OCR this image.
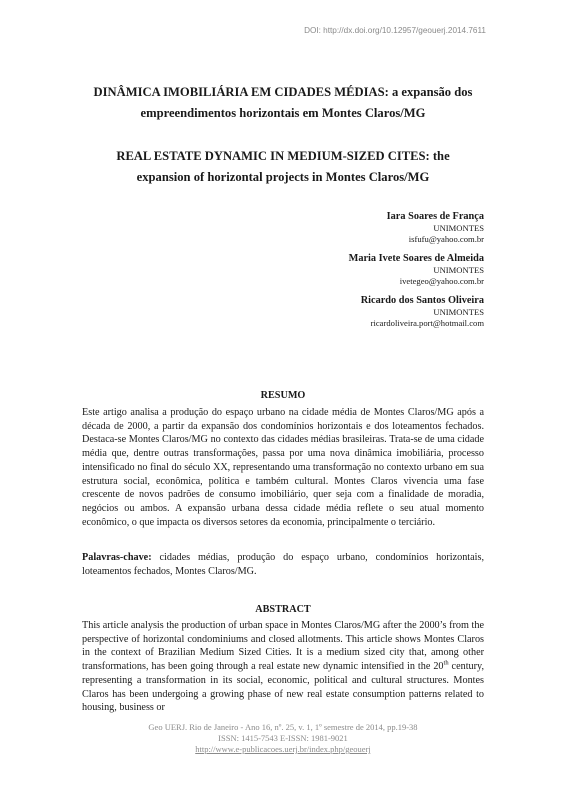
DOI: http://dx.doi.org/10.12957/geouerj.2014.7611
DINÂMICA IMOBILIÁRIA EM CIDADES MÉDIAS: a expansão dos
empreendimentos horizontais em Montes Claros/MG
REAL ESTATE DYNAMIC IN MEDIUM-SIZED CITES: the
expansion of horizontal projects in Montes Claros/MG
Iara Soares de França
UNIMONTES
isfufu@yahoo.com.br
Maria Ivete Soares de Almeida
UNIMONTES
ivetegeo@yahoo.com.br
Ricardo dos Santos Oliveira
UNIMONTES
ricardoliveira.port@hotmail.com
RESUMO

Este artigo analisa a produção do espaço urbano na cidade média de Montes Claros/MG após a década de 2000, a partir da expansão dos condomínios horizontais e dos loteamentos fechados. Destaca-se Montes Claros/MG no contexto das cidades médias brasileiras. Trata-se de uma cidade média que, dentre outras transformações, passa por uma nova dinâmica imobiliária, processo intensificado no final do século XX, representando uma transformação no contexto urbano em sua estrutura social, econômica, política e também cultural. Montes Claros vivencia uma fase crescente de novos padrões de consumo imobiliário, quer seja com a finalidade de moradia, negócios ou ambos. A expansão urbana dessa cidade média reflete o seu atual momento econômico, o que impacta os diversos setores da economia, principalmente o terciário.

Palavras-chave: cidades médias, produção do espaço urbano, condomínios horizontais, loteamentos fechados, Montes Claros/MG.

ABSTRACT

This article analysis the production of urban space in Montes Claros/MG after the 2000’s from the perspective of horizontal condominiums and closed allotments. This article shows Montes Claros in the context of Brazilian Medium Sized Cities. It is a medium sized city that, among other transformations, has been going through a real estate new dynamic intensified in the 20th century, representing a transformation in its social, economic, political and cultural structures. Montes Claros has been undergoing a growing phase of new real estate consumption patterns related to housing, business or

Geo UERJ. Rio de Janeiro - Ano 16, nº. 25, v. 1, 1º semestre de 2014, pp.19-38
ISSN: 1415-7543 E-ISSN: 1981-9021
http://www.e-publicacoes.uerj.br/index.php/geouerj
